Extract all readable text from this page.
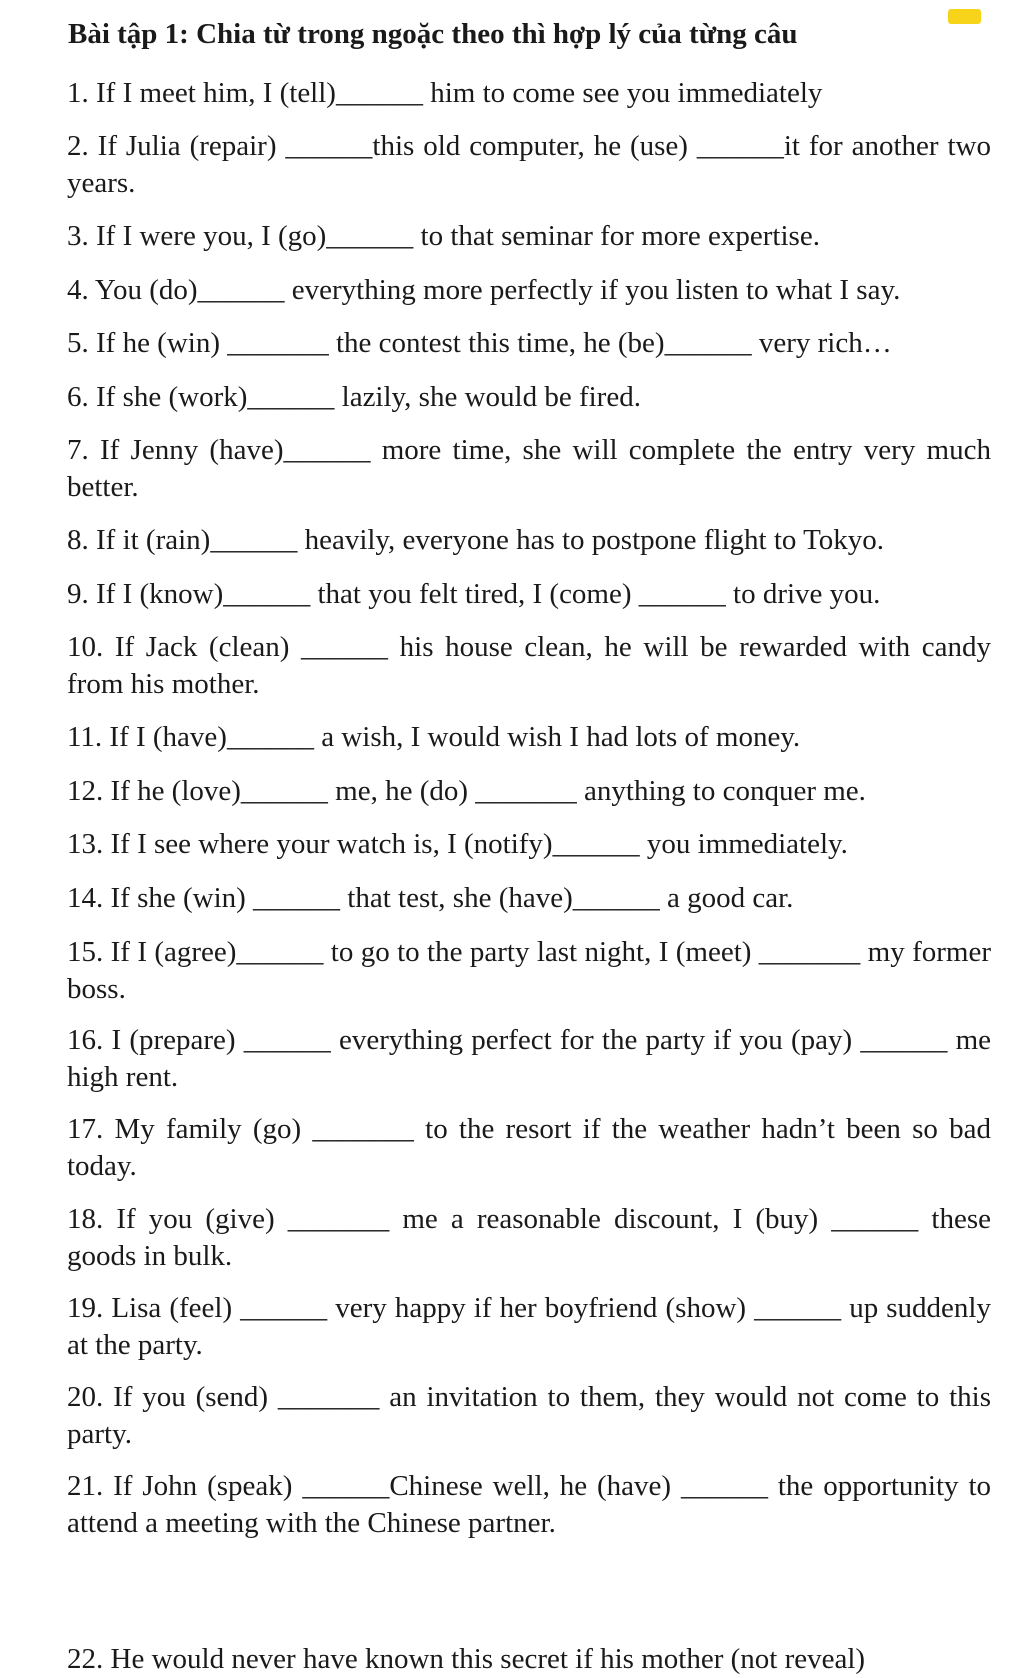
Bài tập 1: Chia từ trong ngoặc theo thì hợp lý của từng câu
1. If I meet him, I (tell)______ him to come see you immediately
2. If Julia (repair) ______this old computer, he (use) ______it for another two years.
3. If I were you, I (go)______ to that seminar for more expertise.
4. You (do)______ everything more perfectly if you listen to what I say.
5. If he (win) _______ the contest this time, he (be)______ very rich…
6. If she (work)______ lazily, she would be fired.
7. If Jenny (have)______ more time, she will complete the entry very much better.
8. If it (rain)______ heavily, everyone has to postpone flight to Tokyo.
9. If I (know)______ that you felt tired, I (come) ______ to drive you.
10. If Jack (clean) ______ his house clean, he will be rewarded with candy from his mother.
11. If I (have)______ a wish, I would wish I had lots of money.
12. If he (love)______ me, he (do) _______ anything to conquer me.
13. If I see where your watch is, I (notify)______ you immediately.
14. If she (win) ______ that test, she (have)______ a good car.
15. If I (agree)______ to go to the party last night, I (meet) _______ my former boss.
16. I (prepare) ______ everything perfect for the party if you (pay) ______ me high rent.
17. My family (go) _______ to the resort if the weather hadn’t been so bad today.
18. If you (give) _______ me a reasonable discount, I (buy) ______ these goods in bulk.
19. Lisa (feel) ______ very happy if her boyfriend (show) ______ up suddenly at the party.
20. If you (send) _______ an invitation to them, they would not come to this party.
21. If John (speak) ______Chinese well, he (have) ______ the opportunity to attend a meeting with the Chinese partner.
22. He would never have known this secret if his mother (not reveal)
